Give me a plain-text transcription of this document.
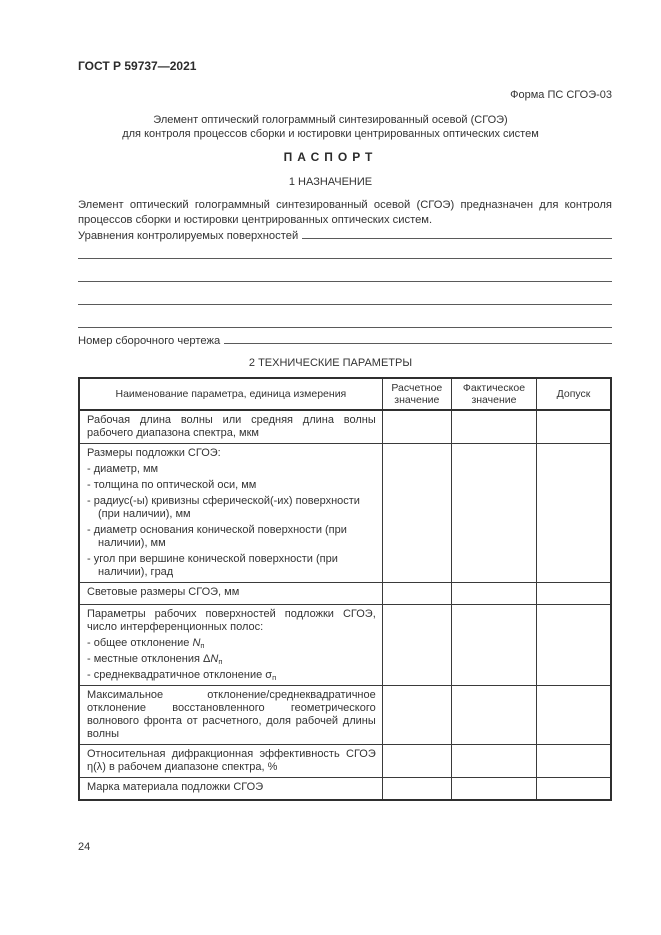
ГОСТ Р 59737—2021
Форма ПС СГОЭ-03
Элемент оптический голограммный синтезированный осевой (СГОЭ)
для контроля процессов сборки и юстировки центрированных оптических систем
ПАСПОРТ
1 НАЗНАЧЕНИЕ

Элемент оптический голограммный синтезированный осевой (СГОЭ) предназначен для контроля процессов сборки и юстировки центрированных оптических систем.

Уравнения контролируемых поверхностей
Номер сборочного чертежа
2 ТЕХНИЧЕСКИЕ ПАРАМЕТРЫ
Наименование параметра, единица измерения	Расчетное значение	Фактическое значение	Допуск

Рабочая длина волны или средняя длина волны рабочего диапазона спектра, мкм			

Размеры подложки СГОЭ:
- диаметр, мм
- толщина по оптической оси, мм
- радиус(-ы) кривизны сферической(-их) поверхности (при наличии), мм
- диаметр основания конической поверхности (при наличии), мм
- угол при вершине конической поверхности (при наличии), град

Световые размеры СГОЭ, мм			

Параметры рабочих поверхностей подложки СГОЭ, число интерференционных полос:
- общее отклонение $N_п$
- местные отклонения $\Delta N_п$
- среднеквадратичное отклонение $\sigma_п$

Максимальное отклонение/среднеквадратичное отклонение восстановленного геометрического волнового фронта от расчетного, доля рабочей длины волны			

Относительная дифракционная эффективность СГОЭ η(λ) в рабочем диапазоне спектра, %			

Марка материала подложки СГОЭ			

24
